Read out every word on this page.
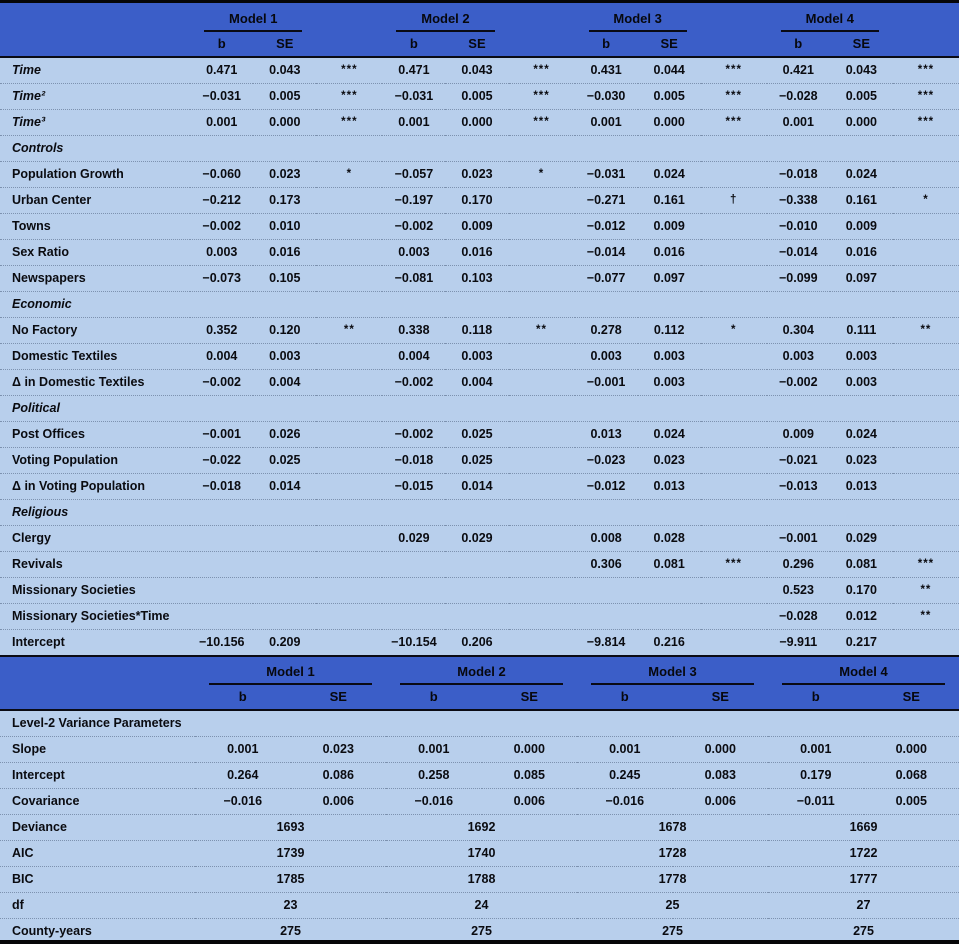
	Model 1			Model 2			Model 3			Model 4		

	b	SE		b	SE		b	SE		b	SE	
Time	0.471	0.043	***	0.471	0.043	***	0.431	0.044	***	0.421	0.043	***
Time²	−0.031	0.005	***	−0.031	0.005	***	−0.030	0.005	***	−0.028	0.005	***
Time³	0.001	0.000	***	0.001	0.000	***	0.001	0.000	***	0.001	0.000	***
Controls												
Population Growth	−0.060	0.023	*	−0.057	0.023	*	−0.031	0.024		−0.018	0.024	
Urban Center	−0.212	0.173		−0.197	0.170		−0.271	0.161	†	−0.338	0.161	*
Towns	−0.002	0.010		−0.002	0.009		−0.012	0.009		−0.010	0.009	
Sex Ratio	0.003	0.016		0.003	0.016		−0.014	0.016		−0.014	0.016	
Newspapers	−0.073	0.105		−0.081	0.103		−0.077	0.097		−0.099	0.097	
Economic												
No Factory	0.352	0.120	**	0.338	0.118	**	0.278	0.112	*	0.304	0.111	**
Domestic Textiles	0.004	0.003		0.004	0.003		0.003	0.003		0.003	0.003	
Δ in Domestic Textiles	−0.002	0.004		−0.002	0.004		−0.001	0.003		−0.002	0.003	
Political												
Post Offices	−0.001	0.026		−0.002	0.025		0.013	0.024		0.009	0.024	
Voting Population	−0.022	0.025		−0.018	0.025		−0.023	0.023		−0.021	0.023	
Δ in Voting Population	−0.018	0.014		−0.015	0.014		−0.012	0.013		−0.013	0.013	
Religious												
Clergy				0.029	0.029		0.008	0.028		−0.001	0.029	
Revivals							0.306	0.081	***	0.296	0.081	***
Missionary Societies										0.523	0.170	**
Missionary Societies*Time										−0.028	0.012	**
Intercept	−10.156	0.209		−10.154	0.206		−9.814	0.216		−9.911	0.217	

	Model 1		Model 2		Model 3		Model 4	

	b	SE	b	SE	b	SE	b	SE
Level-2 Variance Parameters								
Slope	0.001	0.023	0.001	0.000	0.001	0.000	0.001	0.000
Intercept	0.264	0.086	0.258	0.085	0.245	0.083	0.179	0.068
Covariance	−0.016	0.006	−0.016	0.006	−0.016	0.006	−0.011	0.005
Deviance	1693		1692		1678		1669	
AIC	1739		1740		1728		1722	
BIC	1785		1788		1778		1777	
df	23		24		25		27	
County-years	275		275		275		275	
